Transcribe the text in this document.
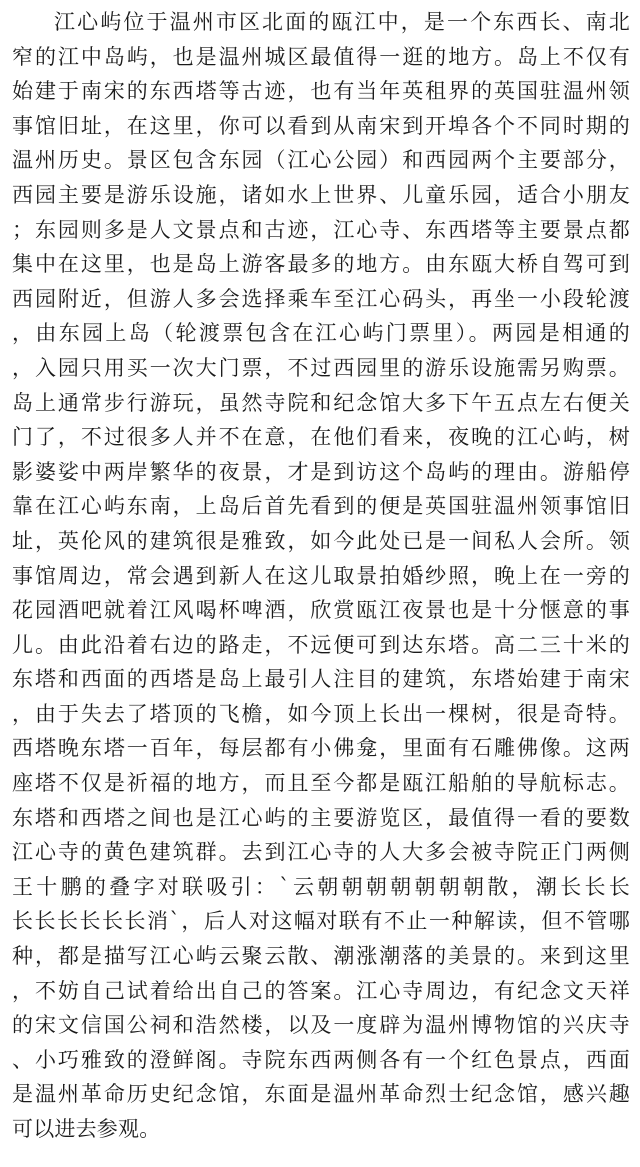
江心屿位于温州市区北面的瓯江中，是一个东西长、南北
窄的江中岛屿，也是温州城区最值得一逛的地方。岛上不仅有
始建于南宋的东西塔等古迹，也有当年英租界的英国驻温州领
事馆旧址，在这里，你可以看到从南宋到开埠各个不同时期的
温州历史。景区包含东园（江心公园）和西园两个主要部分，
西园主要是游乐设施，诸如水上世界、儿童乐园，适合小朋友
；东园则多是人文景点和古迹，江心寺、东西塔等主要景点都
集中在这里，也是岛上游客最多的地方。由东瓯大桥自驾可到
西园附近，但游人多会选择乘车至江心码头，再坐一小段轮渡
，由东园上岛（轮渡票包含在江心屿门票里）。两园是相通的
，入园只用买一次大门票，不过西园里的游乐设施需另购票。
岛上通常步行游玩，虽然寺院和纪念馆大多下午五点左右便关
门了，不过很多人并不在意，在他们看来，夜晚的江心屿，树
影婆娑中两岸繁华的夜景，才是到访这个岛屿的理由。游船停
靠在江心屿东南，上岛后首先看到的便是英国驻温州领事馆旧
址，英伦风的建筑很是雅致，如今此处已是一间私人会所。领
事馆周边，常会遇到新人在这儿取景拍婚纱照，晚上在一旁的
花园酒吧就着江风喝杯啤酒，欣赏瓯江夜景也是十分惬意的事
儿。由此沿着右边的路走，不远便可到达东塔。高二三十米的
东塔和西面的西塔是岛上最引人注目的建筑，东塔始建于南宋
，由于失去了塔顶的飞檐，如今顶上长出一棵树，很是奇特。
西塔晚东塔一百年，每层都有小佛龛，里面有石雕佛像。这两
座塔不仅是祈福的地方，而且至今都是瓯江船舶的导航标志。
东塔和西塔之间也是江心屿的主要游览区，最值得一看的要数
江心寺的黄色建筑群。去到江心寺的人大多会被寺院正门两侧
王十鹏的叠字对联吸引：`云朝朝朝朝朝朝朝散，潮长长长
长长长长长长消`，后人对这幅对联有不止一种解读，但不管哪
种，都是描写江心屿云聚云散、潮涨潮落的美景的。来到这里
，不妨自己试着给出自己的答案。江心寺周边，有纪念文天祥
的宋文信国公祠和浩然楼，以及一度辟为温州博物馆的兴庆寺
、小巧雅致的澄鲜阁。寺院东西两侧各有一个红色景点，西面
是温州革命历史纪念馆，东面是温州革命烈士纪念馆，感兴趣
可以进去参观。
